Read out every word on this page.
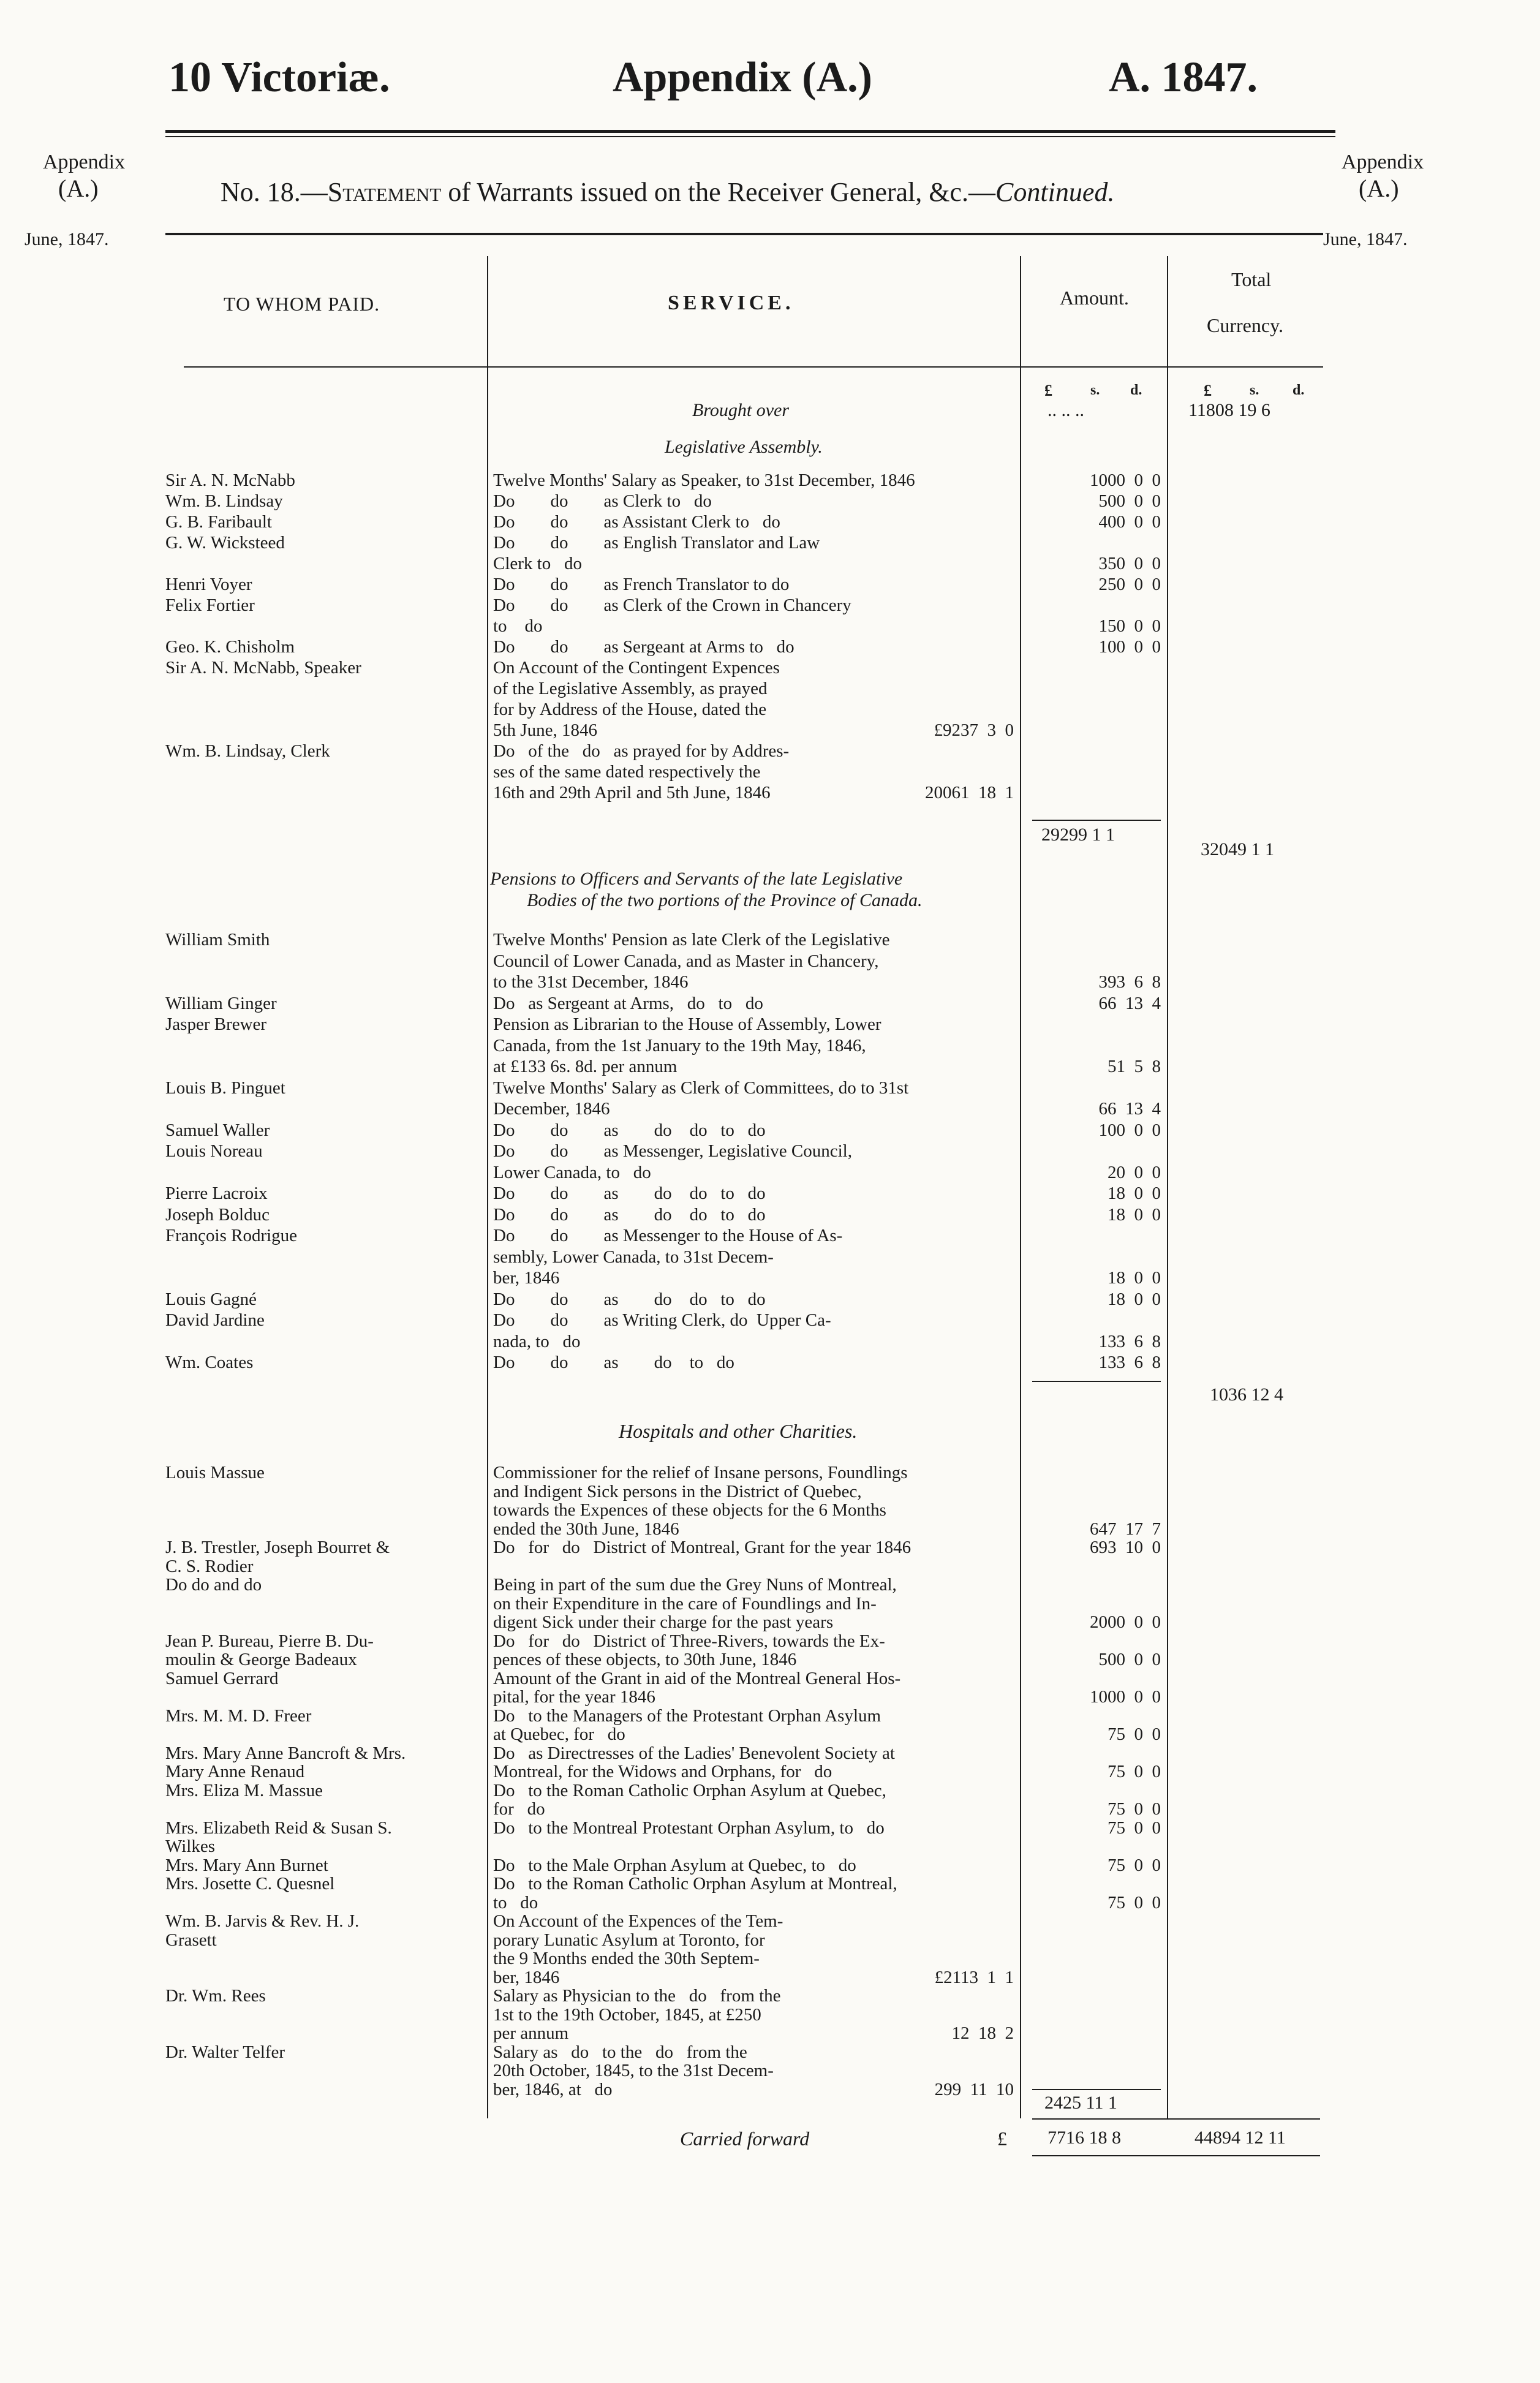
10 Victoriæ.	Appendix (A.)	A. 1847.
Appendix
(A.)
June, 1847.
Appendix
(A.)
June, 1847.
No. 18.—Statement of Warrants issued on the Receiver General, &c.—Continued.
TO WHOM PAID.	SERVICE.	Amount.
Total
Currency.
£	s. d.	£	s. d.
Brought over	.. .. ..	11808 19 6
Legislative Assembly.
Sir A. N. McNabb	Twelve Months' Salary as Speaker, to 31st December, 1846	1000  0  0
Wm. B. Lindsay	Do        do        as Clerk to   do	500  0  0
G. B. Faribault	Do        do        as Assistant Clerk to   do	400  0  0
G. W. Wicksteed	Do        do        as English Translator and Law
Clerk to   do	350  0  0
Henri Voyer	Do        do        as French Translator to do	250  0  0
Felix Fortier	Do        do        as Clerk of the Crown in Chancery
to    do	150  0  0
Geo. K. Chisholm	Do        do        as Sergeant at Arms to   do	100  0  0
Sir A. N. McNabb, Speaker	On Account of the Contingent Expences
of the Legislative Assembly, as prayed
for by Address of the House, dated the
5th June, 1846	£9237  3  0
Wm. B. Lindsay, Clerk	Do   of the   do   as prayed for by Addres-
ses of the same dated respectively the
16th and 29th April and 5th June, 1846	20061  18  1
29299 1 1
32049 1 1
Pensions to Officers and Servants of the late Legislative
Bodies of the two portions of the Province of Canada.
William Smith	Twelve Months' Pension as late Clerk of the Legislative
Council of Lower Canada, and as Master in Chancery,
to the 31st December, 1846	393  6  8
William Ginger	Do   as Sergeant at Arms,   do   to   do	66  13  4
Jasper Brewer	Pension as Librarian to the House of Assembly, Lower
Canada, from the 1st January to the 19th May, 1846,
at £133 6s. 8d. per annum	51  5  8
Louis B. Pinguet	Twelve Months' Salary as Clerk of Committees, do to 31st
December, 1846	66  13  4
Samuel Waller	Do        do        as        do    do   to   do	100  0  0
Louis Noreau	Do        do        as Messenger, Legislative Council,
Lower Canada, to   do	20  0  0
Pierre Lacroix	Do        do        as        do    do   to   do	18  0  0
Joseph Bolduc	Do        do        as        do    do   to   do	18  0  0
François Rodrigue	Do        do        as Messenger to the House of As-
sembly, Lower Canada, to 31st Decem-
ber, 1846	18  0  0
Louis Gagné	Do        do        as        do    do   to   do	18  0  0
David Jardine	Do        do        as Writing Clerk, do  Upper Ca-
nada, to   do	133  6  8
Wm. Coates	Do        do        as        do    to   do	133  6  8
1036 12 4
Hospitals and other Charities.
Louis Massue	Commissioner for the relief of Insane persons, Foundlings
and Indigent Sick persons in the District of Quebec,
towards the Expences of these objects for the 6 Months
ended the 30th June, 1846	647  17  7
J. B. Trestler, Joseph Bourret &	Do   for   do   District of Montreal, Grant for the year 1846	693  10  0
C. S. Rodier
Do do and do	Being in part of the sum due the Grey Nuns of Montreal,
on their Expenditure in the care of Foundlings and In-
digent Sick under their charge for the past years	2000  0  0
Jean P. Bureau, Pierre B. Du-	Do   for   do   District of Three-Rivers, towards the Ex-
moulin & George Badeaux	pences of these objects, to 30th June, 1846	500  0  0
Samuel Gerrard	Amount of the Grant in aid of the Montreal General Hos-
pital, for the year 1846	1000  0  0
Mrs. M. M. D. Freer	Do   to the Managers of the Protestant Orphan Asylum
at Quebec, for   do	75  0  0
Mrs. Mary Anne Bancroft & Mrs.	Do   as Directresses of the Ladies' Benevolent Society at
Mary Anne Renaud	Montreal, for the Widows and Orphans, for   do	75  0  0
Mrs. Eliza M. Massue	Do   to the Roman Catholic Orphan Asylum at Quebec,
for   do	75  0  0
Mrs. Elizabeth Reid & Susan S.	Do   to the Montreal Protestant Orphan Asylum, to   do	75  0  0
Wilkes
Mrs. Mary Ann Burnet	Do   to the Male Orphan Asylum at Quebec, to   do	75  0  0
Mrs. Josette C. Quesnel	Do   to the Roman Catholic Orphan Asylum at Montreal,
to   do	75  0  0
Wm. B. Jarvis & Rev. H. J.	On Account of the Expences of the Tem-
Grasett	porary Lunatic Asylum at Toronto, for
the 9 Months ended the 30th Septem-
ber, 1846	£2113  1  1
Dr. Wm. Rees	Salary as Physician to the   do   from the
1st to the 19th October, 1845, at £250
per annum	12  18  2
Dr. Walter Telfer	Salary as   do   to the   do   from the
20th October, 1845, to the 31st Decem-
ber, 1846, at   do	299  11  10
2425 11 1
Carried forward	£ 7716 18 8	44894 12 11
